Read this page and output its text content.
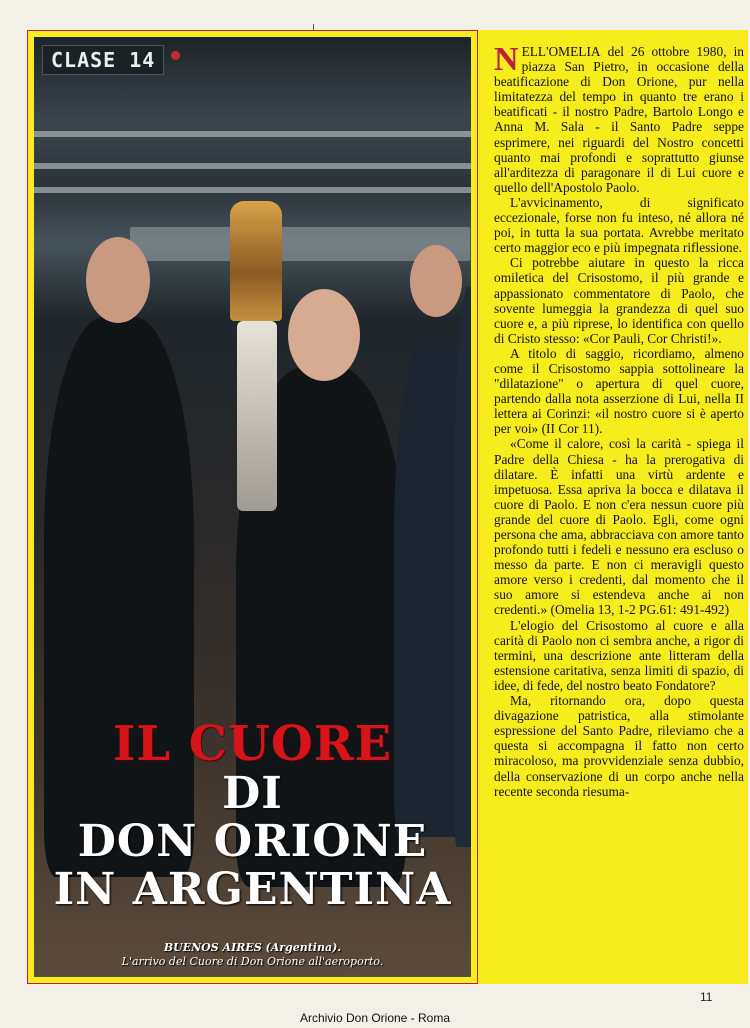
CLASE 14
IL CUORE
DI
DON ORIONE
IN ARGENTINA
BUENOS AIRES (Argentina).
L'arrivo del Cuore di Don Orione all'aeroporto.

NELL'OMELIA del 26 ottobre 1980, in piazza San Pietro, in occasione della beatificazione di Don Orione, pur nella limitatezza del tempo in quanto tre erano i beatificati - il nostro Padre, Bartolo Longo e Anna M. Sala - il Santo Padre seppe esprimere, nei riguardi del Nostro concetti quanto mai profondi e soprattutto giunse all'arditezza di paragonare il di Lui cuore e quello dell'Apostolo Paolo.

L'avvicinamento, di significato eccezionale, forse non fu inteso, né allora né poi, in tutta la sua portata. Avrebbe meritato certo maggior eco e più impegnata riflessione.

Ci potrebbe aiutare in questo la ricca omiletica del Crisostomo, il più grande e appassionato commentatore di Paolo, che sovente lumeggia la grandezza di quel suo cuore e, a più riprese, lo identifica con quello di Cristo stesso: «Cor Pauli, Cor Christi!».

A titolo di saggio, ricordiamo, almeno come il Crisostomo sappia sottolineare la "dilatazione" o apertura di quel cuore, partendo dalla nota asserzione di Lui, nella II lettera ai Corinzi: «il nostro cuore si è aperto per voi» (II Cor 11).

«Come il calore, così la carità - spiega il Padre della Chiesa - ha la prerogativa di dilatare. È infatti una virtù ardente e impetuosa. Essa apriva la bocca e dilatava il cuore di Paolo. E non c'era nessun cuore più grande del cuore di Paolo. Egli, come ogni persona che ama, abbracciava con amore tanto profondo tutti i fedeli e nessuno era escluso o messo da parte. E non ci meravigli questo amore verso i credenti, dal momento che il suo amore si estendeva anche ai non credenti.» (Omelia 13, 1-2 PG.61: 491-492)

L'elogio del Crisostomo al cuore e alla carità di Paolo non ci sembra anche, a rigor di termini, una descrizione ante litteram della estensione caritativa, senza limiti di spazio, di idee, di fede, del nostro beato Fondatore?

Ma, ritornando ora, dopo questa divagazione patristica, alla stimolante espressione del Santo Padre, rileviamo che a questa si accompagna il fatto non certo miracoloso, ma provvidenziale senza dubbio, della conservazione di un corpo anche nella recente seconda riesuma-

11
Archivio Don Orione - Roma
